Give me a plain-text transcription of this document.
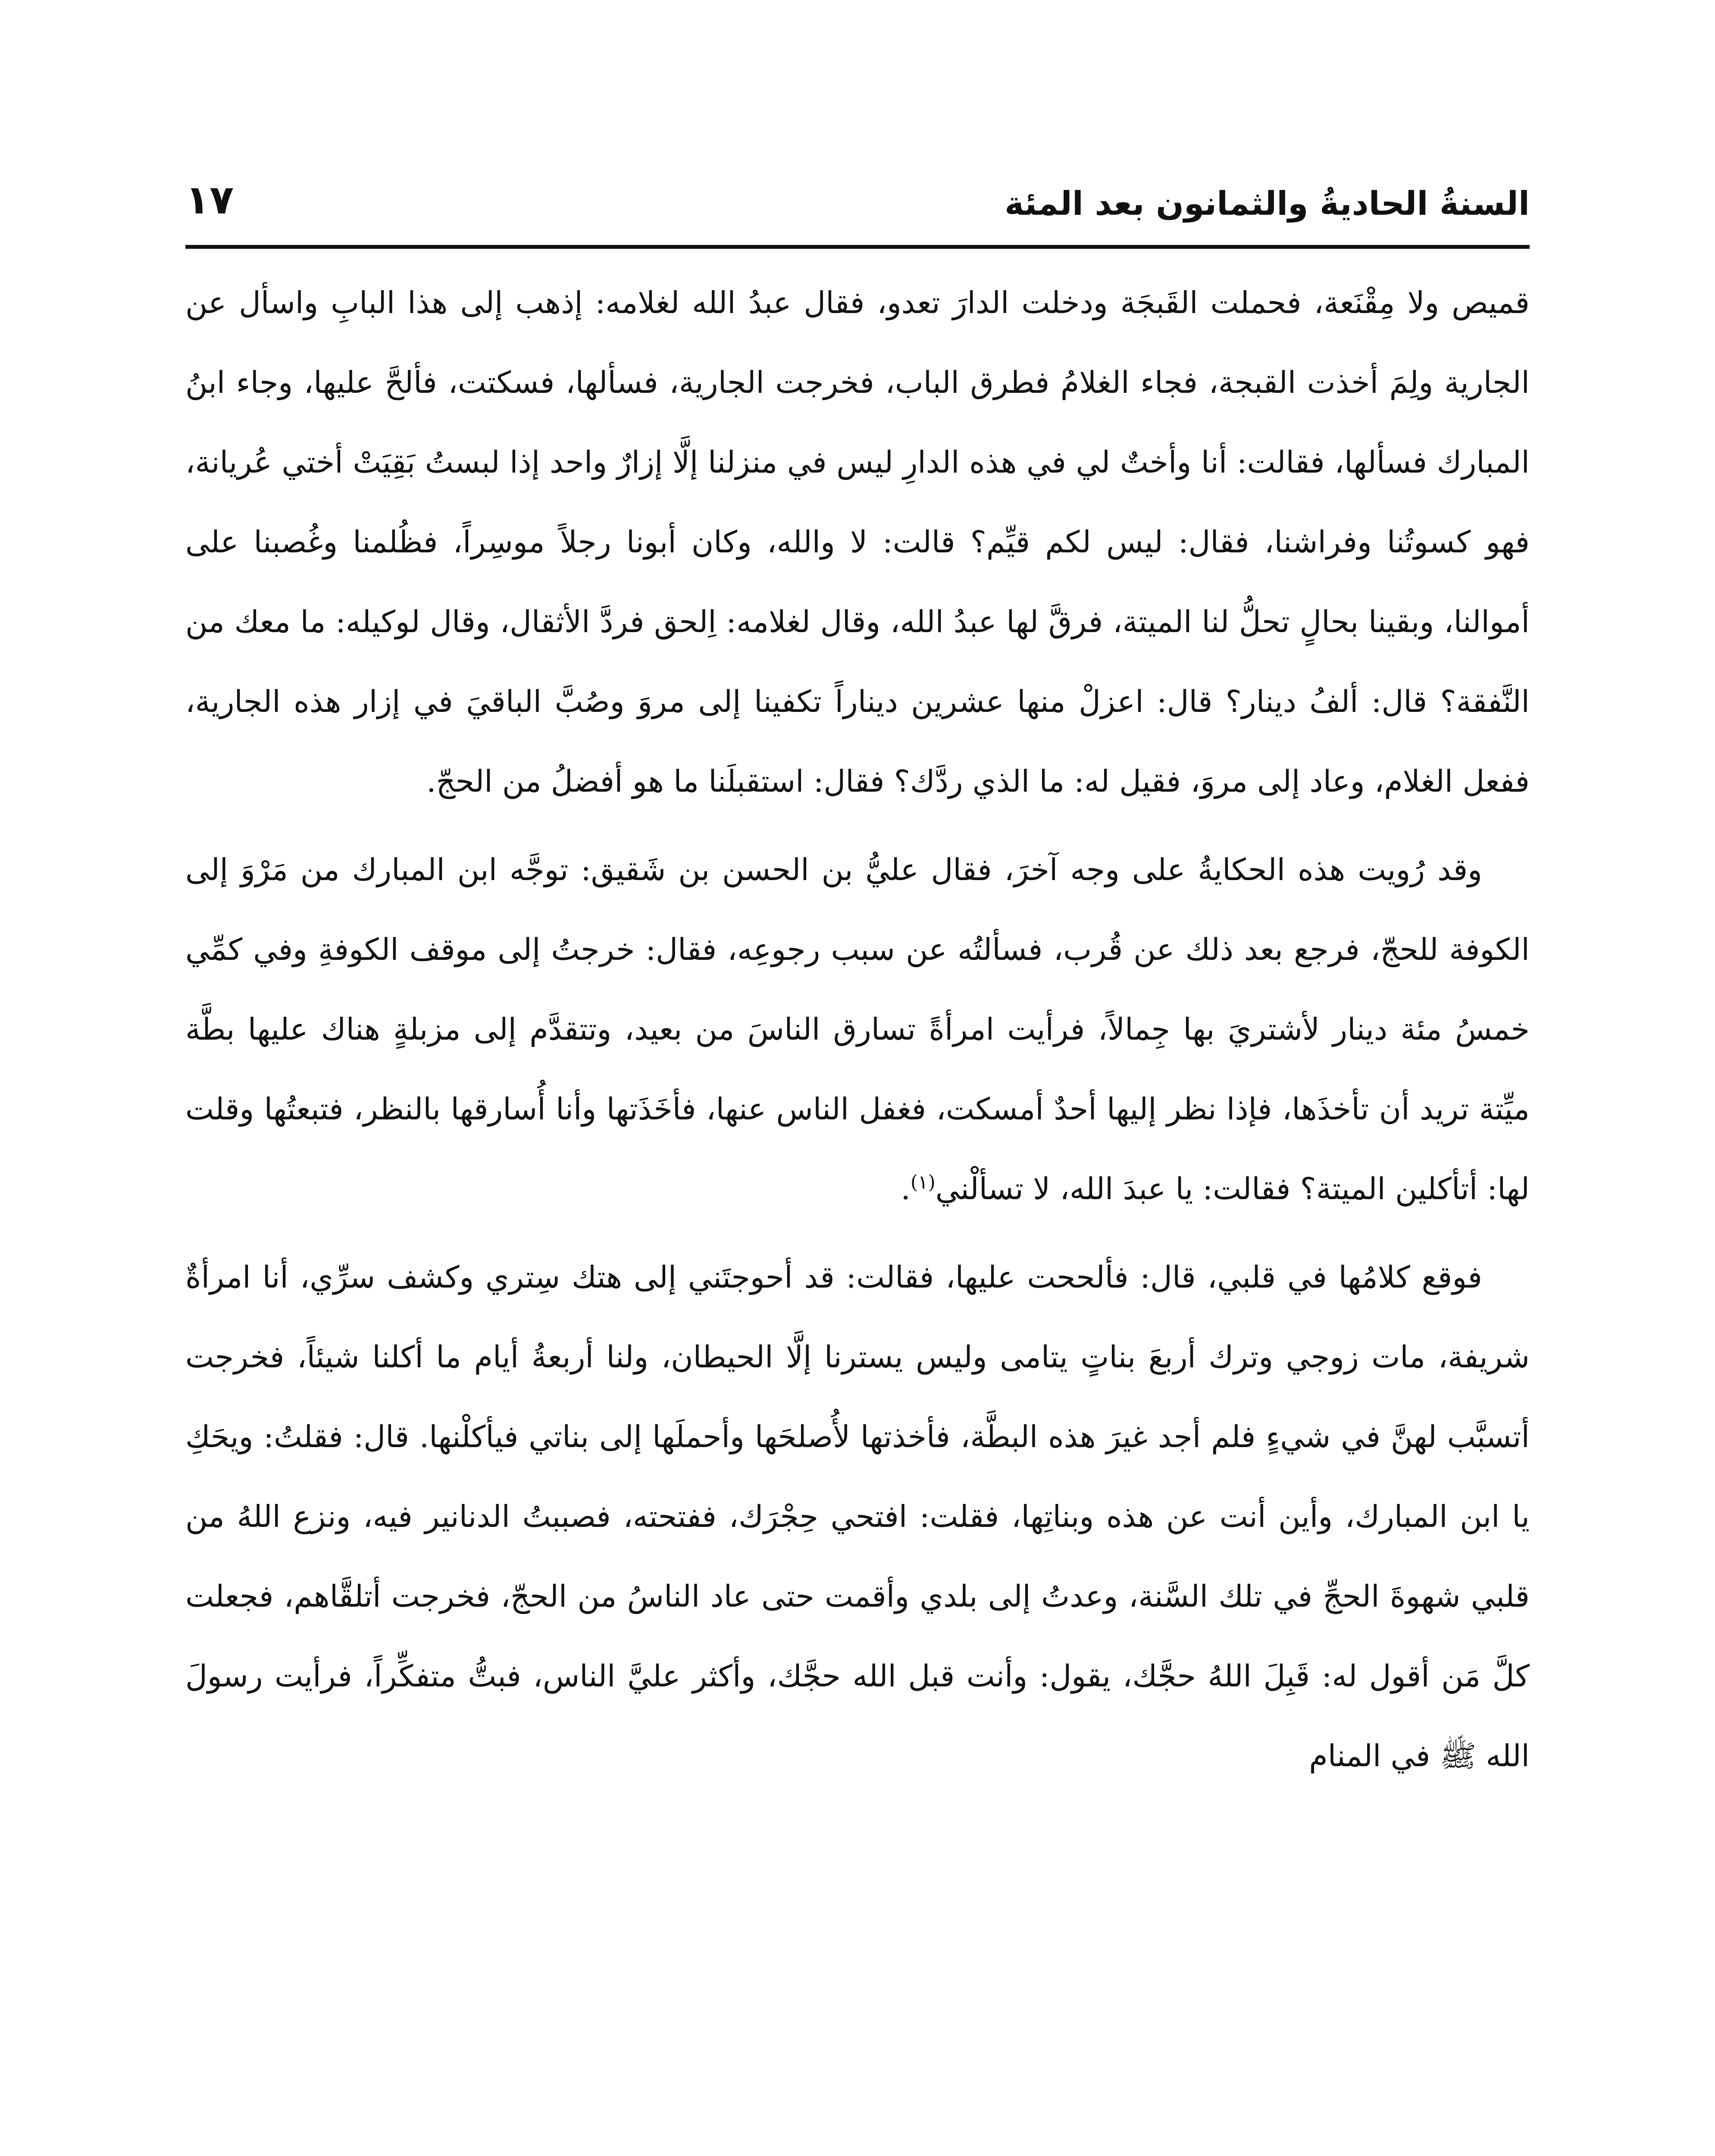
السنةُ الحاديةُ والثمانون بعد المئة
١٧

قميص ولا مِقْنَعة، فحملت القَبجَة ودخلت الدارَ تعدو، فقال عبدُ الله لغلامه: إذهب إلى هذا البابِ واسأل عن الجارية ولِمَ أخذت القبجة، فجاء الغلامُ فطرق الباب، فخرجت الجارية، فسألها، فسكتت، فألحَّ عليها، وجاء ابنُ المبارك فسألها، فقالت: أنا وأختٌ لي في هذه الدارِ ليس في منزلنا إلَّا إزارٌ واحد إذا لبستُ بَقِيَتْ أختي عُريانة، فهو كسوتُنا وفراشنا، فقال: ليس لكم قيِّم؟ قالت: لا والله، وكان أبونا رجلاً موسِراً، فظُلمنا وغُصبنا على أموالنا، وبقينا بحالٍ تحلُّ لنا الميتة، فرقَّ لها عبدُ الله، وقال لغلامه: اِلحق فردَّ الأثقال، وقال لوكيله: ما معك من النَّفقة؟ قال: ألفُ دينار؟ قال: اعزلْ منها عشرين ديناراً تكفينا إلى مروَ وصُبَّ الباقيَ في إزار هذه الجارية، ففعل الغلام، وعاد إلى مروَ، فقيل له: ما الذي ردَّك؟ فقال: استقبلَنا ما هو أفضلُ من الحجّ.

وقد رُويت هذه الحكايةُ على وجه آخرَ، فقال عليُّ بن الحسن بن شَقيق: توجَّه ابن المبارك من مَرْوَ إلى الكوفة للحجّ، فرجع بعد ذلك عن قُرب، فسألتُه عن سبب رجوعِه، فقال: خرجتُ إلى موقف الكوفةِ وفي كمِّي خمسُ مئة دينار لأشتريَ بها جِمالاً، فرأيت امرأةً تسارق الناسَ من بعيد، وتتقدَّم إلى مزبلةٍ هناك عليها بطَّة ميِّتة تريد أن تأخذَها، فإذا نظر إليها أحدٌ أمسكت، فغفل الناس عنها، فأخَذَتها وأنا أُسارقها بالنظر، فتبعتُها وقلت لها: أتأكلين الميتة؟ فقالت: يا عبدَ الله، لا تسألْني$^{(١)}$.

فوقع كلامُها في قلبي، قال: فألححت عليها، فقالت: قد أحوجتَني إلى هتك سِتري وكشف سرِّي، أنا امرأةٌ شريفة، مات زوجي وترك أربعَ بناتٍ يتامى وليس يسترنا إلَّا الحيطان، ولنا أربعةُ أيام ما أكلنا شيئاً، فخرجت أتسبَّب لهنَّ في شيءٍ فلم أجد غيرَ هذه البطَّة، فأخذتها لأُصلحَها وأحملَها إلى بناتي فيأكلْنها. قال: فقلتُ: ويحَكِ يا ابن المبارك، وأين أنت عن هذه وبناتِها، فقلت: افتحي حِجْرَك، ففتحته، فصببتُ الدنانير فيه، ونزع اللهُ من قلبي شهوةَ الحجِّ في تلك السَّنة، وعدتُ إلى بلدي وأقمت حتى عاد الناسُ من الحجّ، فخرجت أتلقَّاهم، فجعلت كلَّ مَن أقول له: قَبِلَ اللهُ حجَّك، يقول: وأنت قبل الله حجَّك، وأكثر عليَّ الناس، فبتُّ متفكِّراً، فرأيت رسولَ الله ﷺ في المنام
